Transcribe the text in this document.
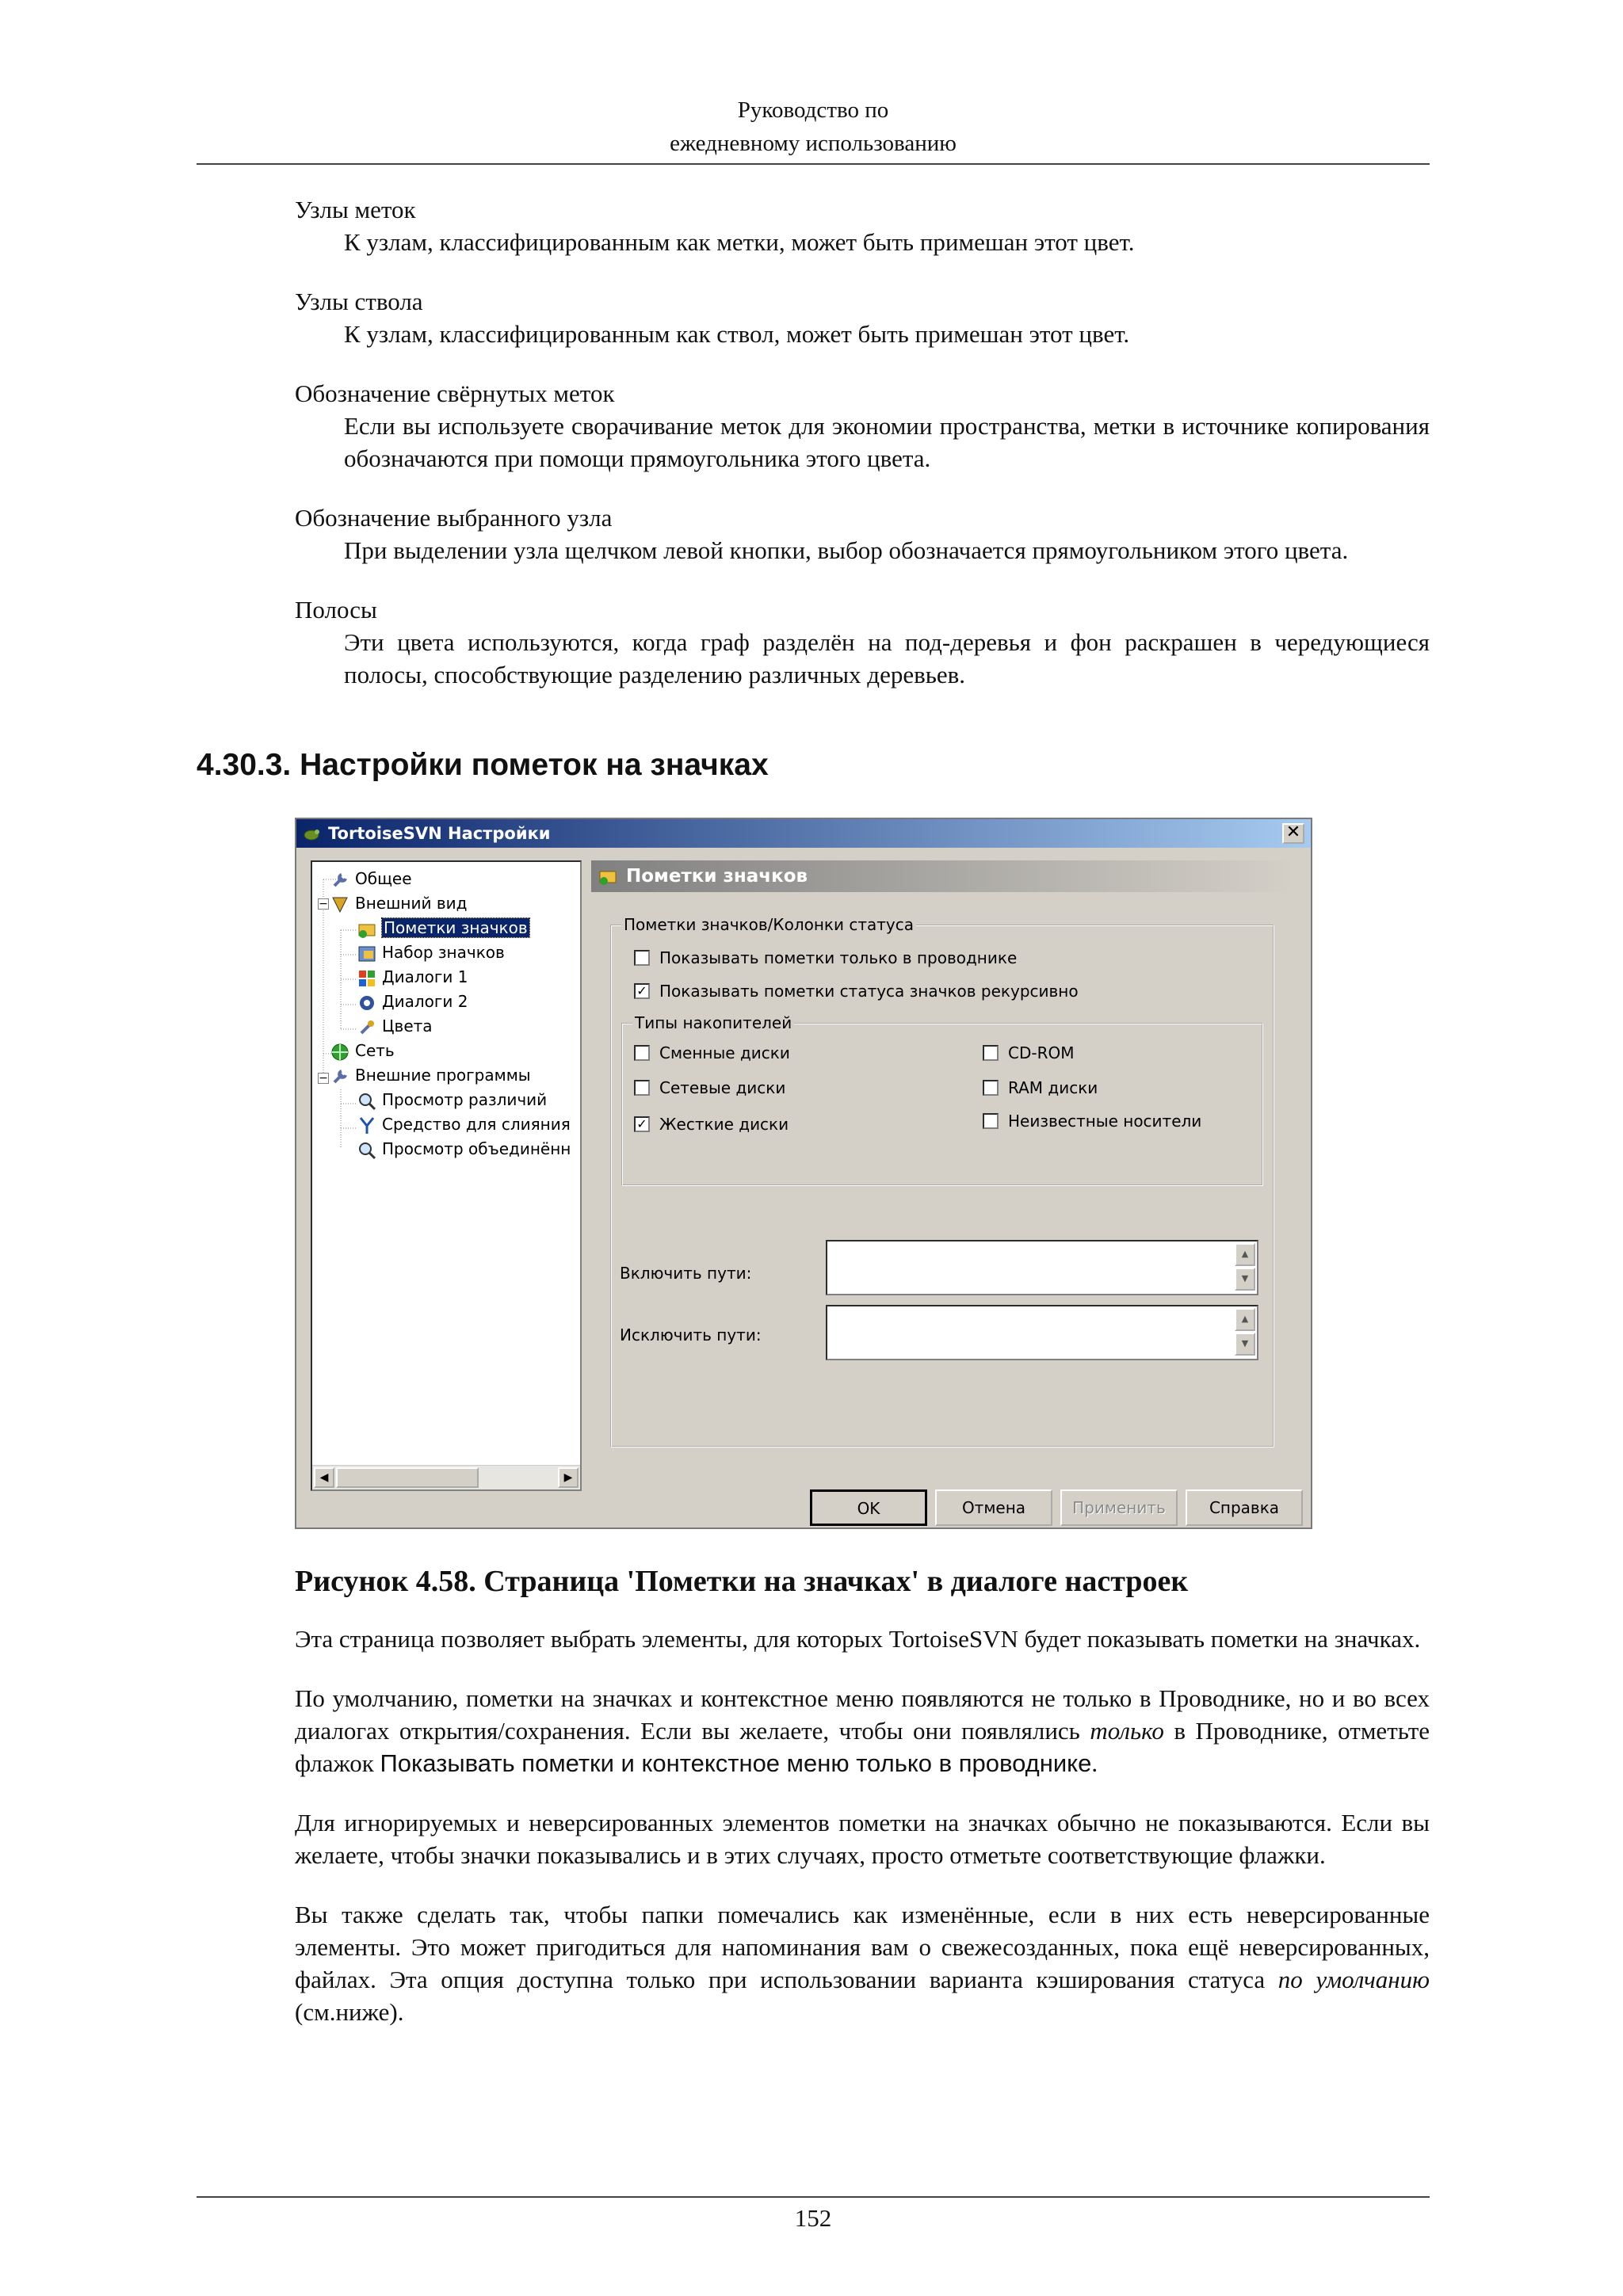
Руководство по
ежедневному использованию

Узлы меток

К узлам, классифицированным как метки, может быть примешан этот цвет.

Узлы ствола

К узлам, классифицированным как ствол, может быть примешан этот цвет.

Обозначение свёрнутых меток

Если вы используете сворачивание меток для экономии пространства, метки в источнике копирования обозначаются при помощи прямоугольника этого цвета.

Обозначение выбранного узла

При выделении узла щелчком левой кнопки, выбор обозначается прямоугольником этого цвета.

Полосы

Эти цвета используются, когда граф разделён на под-деревья и фон раскрашен в чередующиеся полосы, способствующие разделению различных деревьев.

4.30.3. Настройки пометок на значках
TortoiseSVN Настройки	✕
−
−
Общее
Внешний вид
Пометки значков
Набор значков
Диалоги 1
Диалоги 2
Цвета
Сеть
Внешние программы
Просмотр различий
Средство для слияния
Просмотр объединённ
◀	▶
Пометки значков
Пометки значков/Колонки статуса
Показывать пометки только в проводнике
✓ Показывать пометки статуса значков рекурсивно
Типы накопителей
Сменные диски
Сетевые диски
✓ Жесткие диски
CD-ROM
RAM диски
Неизвестные носители
Включить пути:
▲
▼
Исключить пути:
▲
▼
OK	Отмена	Применить	Справка
Рисунок 4.58. Страница 'Пометки на значках' в диалоге настроек

Эта страница позволяет выбрать элементы, для которых TortoiseSVN будет показывать пометки на значках.

По умолчанию, пометки на значках и контекстное меню появляются не только в Проводнике, но и во всех диалогах открытия/сохранения. Если вы желаете, чтобы они появлялись только в Проводнике, отметьте флажок Показывать пометки и контекстное меню только в проводнике.

Для игнорируемых и неверсированных элементов пометки на значках обычно не показываются. Если вы желаете, чтобы значки показывались и в этих случаях, просто отметьте соответствующие флажки.

Вы также сделать так, чтобы папки помечались как изменённые, если в них есть неверсированные элементы. Это может пригодиться для напоминания вам о свежесозданных, пока ещё неверсированных, файлах. Эта опция доступна только при использовании варианта кэширования статуса по умолчанию (см.ниже).

152
